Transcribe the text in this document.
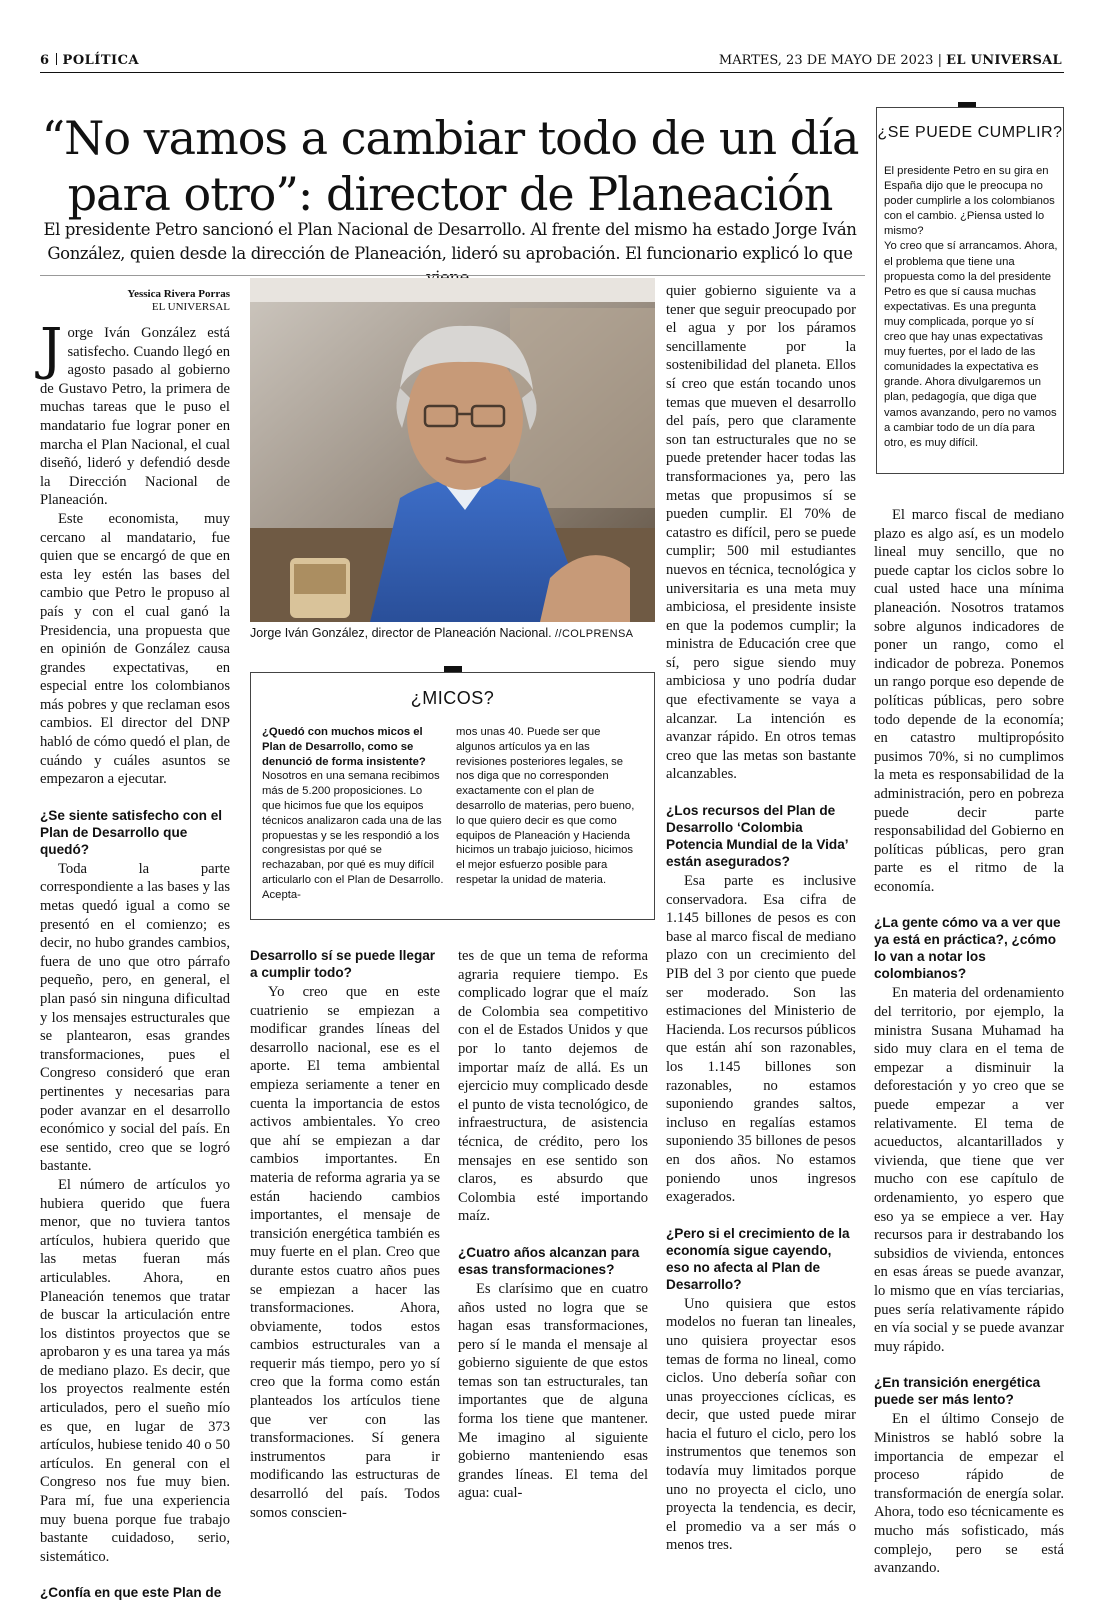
6 POLÍTICA	MARTES, 23 DE MAYO DE 2023 | EL UNIVERSAL
“No vamos a cambiar todo de un día
para otro”: director de Planeación
El presidente Petro sancionó el Plan Nacional de Desarrollo. Al frente del mismo ha estado Jorge Iván
González, quien desde la dirección de Planeación, lideró su aprobación. El funcionario explicó lo que
Yessica Rivera Porras
EL UNIVERSAL

Jorge Iván González está satisfecho. Cuando llegó en agosto pasado al gobierno de Gustavo Petro, la primera de muchas tareas que le puso el mandatario fue lograr poner en marcha el Plan Nacional, el cual diseñó, lideró y defendió desde la Dirección Nacional de Planeación.

Este economista, muy cercano al mandatario, fue quien que se encargó de que en esta ley estén las bases del cambio que Petro le propuso al país y con el cual ganó la Presidencia, una propuesta que en opinión de González causa grandes expectativas, en especial entre los colombianos más pobres y que reclaman esos cambios. El director del DNP habló de cómo quedó el plan, de cuándo y cuáles asuntos se empezaron a ejecutar.

¿Se siente satisfecho con el Plan de Desarrollo que quedó?

Toda la parte correspondiente a las bases y las metas quedó igual a como se presentó en el comienzo; es decir, no hubo grandes cambios, fuera de uno que otro párrafo pequeño, pero, en general, el plan pasó sin ninguna dificultad y los mensajes estructurales que se plantearon, esas grandes transformaciones, pues el Congreso consideró que eran pertinentes y necesarias para poder avanzar en el desarrollo económico y social del país. En ese sentido, creo que se logró bastante.

El número de artículos yo hubiera querido que fuera menor, que no tuviera tantos artículos, hubiera querido que las metas fueran más articulables. Ahora, en Planeación tenemos que tratar de buscar la articulación entre los distintos proyectos que se aprobaron y es una tarea ya más de mediano plazo. Es decir, que los proyectos realmente estén articulados, pero el sueño mío es que, en lugar de 373 artículos, hubiese tenido 40 o 50 artículos. En general con el Congreso nos fue muy bien. Para mí, fue una experiencia muy buena porque fue trabajo bastante cuidadoso, serio, sistemático.

¿Confía en que este Plan de

Jorge Iván González, director de Planeación Nacional. //COLPRENSA
¿MICOS?
¿Quedó con muchos micos el Plan de Desarrollo, como se denunció de forma insistente?
Nosotros en una semana recibimos más de 5.200 proposiciones. Lo que hicimos fue que los equipos técnicos analizaron cada una de las propuestas y se les respondió a los congresistas por qué se rechazaban, por qué es muy difícil articularlo con el Plan de Desarrollo. Acepta-
mos unas 40. Puede ser que algunos artículos ya en las revisiones posteriores legales, se nos diga que no corresponden exactamente con el plan de desarrollo de materias, pero bueno, lo que quiero decir es que como equipos de Planeación y Hacienda hicimos un trabajo juicioso, hicimos el mejor esfuerzo posible para respetar la unidad de materia.

Desarrollo sí se puede llegar a cumplir todo?

Yo creo que en este cuatrienio se empiezan a modificar grandes líneas del desarrollo nacional, ese es el aporte. El tema ambiental empieza seriamente a tener en cuenta la importancia de estos activos ambientales. Yo creo que ahí se empiezan a dar cambios importantes. En materia de reforma agraria ya se están haciendo cambios importantes, el mensaje de transición energética también es muy fuerte en el plan. Creo que durante estos cuatro años pues se empiezan a hacer las transformaciones. Ahora, obviamente, todos estos cambios estructurales van a requerir más tiempo, pero yo sí creo que la forma como están planteados los artículos tiene que ver con las transformaciones. Sí genera instrumentos para ir modificando las estructuras de desarrolló del país. Todos somos conscien-

tes de que un tema de reforma agraria requiere tiempo. Es complicado lograr que el maíz de Colombia sea competitivo con el de Estados Unidos y que por lo tanto dejemos de importar maíz de allá. Es un ejercicio muy complicado desde el punto de vista tecnológico, de infraestructura, de asistencia técnica, de crédito, pero los mensajes en ese sentido son claros, es absurdo que Colombia esté importando maíz.

¿Cuatro años alcanzan para esas transformaciones?

Es clarísimo que en cuatro años usted no logra que se hagan esas transformaciones, pero sí le manda el mensaje al gobierno siguiente de que estos temas son tan estructurales, tan importantes que de alguna forma los tiene que mantener. Me imagino al siguiente gobierno manteniendo esas grandes líneas. El tema del agua: cual-

quier gobierno siguiente va a tener que seguir preocupado por el agua y por los páramos sencillamente por la sostenibilidad del planeta. Ellos sí creo que están tocando unos temas que mueven el desarrollo del país, pero que claramente son tan estructurales que no se puede pretender hacer todas las transformaciones ya, pero las metas que propusimos sí se pueden cumplir. El 70% de catastro es difícil, pero se puede cumplir; 500 mil estudiantes nuevos en técnica, tecnológica y universitaria es una meta muy ambiciosa, el presidente insiste en que la podemos cumplir; la ministra de Educación cree que sí, pero sigue siendo muy ambiciosa y uno podría dudar que efectivamente se vaya a alcanzar. La intención es avanzar rápido. En otros temas creo que las metas son bastante alcanzables.

¿Los recursos del Plan de Desarrollo ‘Colombia Potencia Mundial de la Vida’ están asegurados?

Esa parte es inclusive conservadora. Esa cifra de 1.145 billones de pesos es con base al marco fiscal de mediano plazo con un crecimiento del PIB del 3 por ciento que puede ser moderado. Son las estimaciones del Ministerio de Hacienda. Los recursos públicos que están ahí son razonables, los 1.145 billones son razonables, no estamos suponiendo grandes saltos, incluso en regalías estamos suponiendo 35 billones de pesos en dos años. No estamos poniendo unos ingresos exagerados.

¿Pero si el crecimiento de la economía sigue cayendo, eso no afecta al Plan de Desarrollo?

Uno quisiera que estos modelos no fueran tan lineales, uno quisiera proyectar esos temas de forma no lineal, como ciclos. Uno debería soñar con unas proyecciones cíclicas, es decir, que usted puede mirar hacia el futuro el ciclo, pero los instrumentos que tenemos son todavía muy limitados porque uno no proyecta el ciclo, uno proyecta la tendencia, es decir, el promedio va a ser más o menos tres.

¿SE PUEDE CUMPLIR?
El presidente Petro en su gira en España dijo que le preocupa no poder cumplirle a los colombianos con el cambio. ¿Piensa usted lo mismo?
Yo creo que sí arrancamos. Ahora, el problema que tiene una propuesta como la del presidente Petro es que sí causa muchas expectativas. Es una pregunta muy complicada, porque yo sí creo que hay unas expectativas muy fuertes, por el lado de las comunidades la expectativa es grande. Ahora divulgaremos un plan, pedagogía, que diga que vamos avanzando, pero no vamos a cambiar todo de un día para otro, es muy difícil.

El marco fiscal de mediano plazo es algo así, es un modelo lineal muy sencillo, que no puede captar los ciclos sobre lo cual usted hace una mínima planeación. Nosotros tratamos sobre algunos indicadores de poner un rango, como el indicador de pobreza. Ponemos un rango porque eso depende de políticas públicas, pero sobre todo depende de la economía; en catastro multipropósito pusimos 70%, si no cumplimos la meta es responsabilidad de la administración, pero en pobreza puede decir parte responsabilidad del Gobierno en políticas públicas, pero gran parte es el ritmo de la economía.

¿La gente cómo va a ver que ya está en práctica?, ¿cómo lo van a notar los colombianos?

En materia del ordenamiento del territorio, por ejemplo, la ministra Susana Muhamad ha sido muy clara en el tema de empezar a disminuir la deforestación y yo creo que se puede empezar a ver relativamente. El tema de acueductos, alcantarillados y vivienda, que tiene que ver mucho con ese capítulo de ordenamiento, yo espero que eso ya se empiece a ver. Hay recursos para ir destrabando los subsidios de vivienda, entonces en esas áreas se puede avanzar, lo mismo que en vías terciarias, pues sería relativamente rápido en vía social y se puede avanzar muy rápido.

¿En transición energética puede ser más lento?

En el último Consejo de Ministros se habló sobre la importancia de empezar el proceso rápido de transformación de energía solar. Ahora, todo eso técnicamente es mucho más sofisticado, más complejo, pero se está avanzando.
